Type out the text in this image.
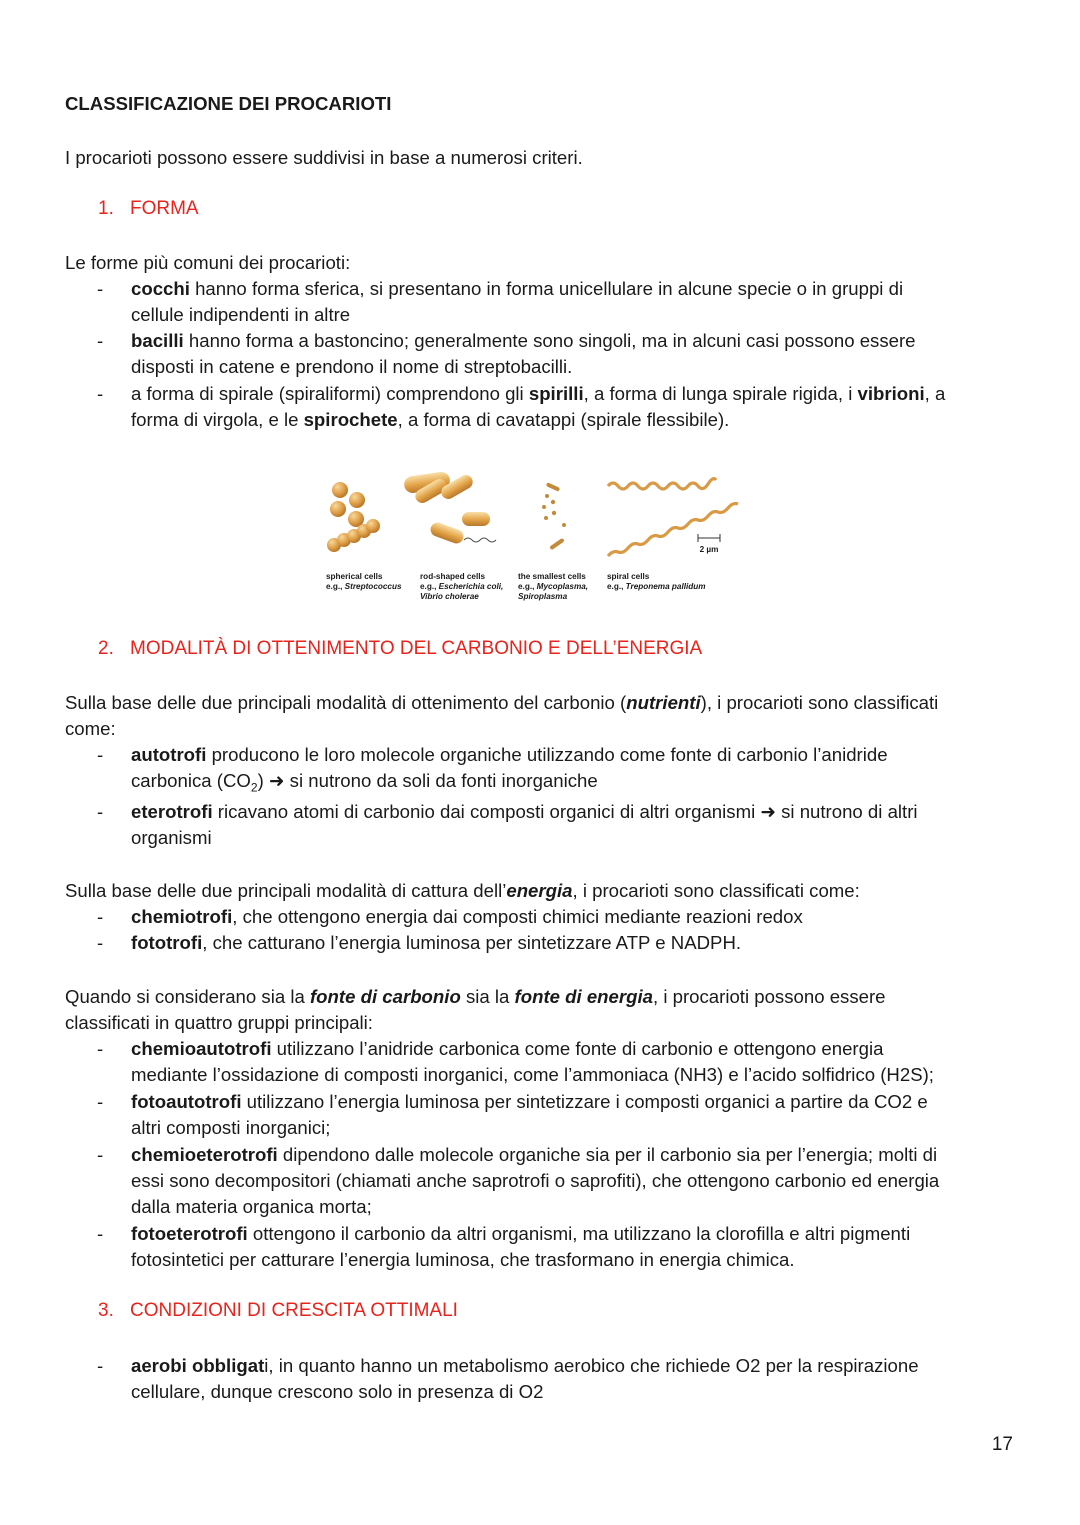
CLASSIFICAZIONE DEI PROCARIOTI
I procarioti possono essere suddivisi in base a numerosi criteri.
1. FORMA
Le forme più comuni dei procarioti:
- cocchi hanno forma sferica, si presentano in forma unicellulare in alcune specie o in gruppi di
cellule indipendenti in altre
- bacilli hanno forma a bastoncino; generalmente sono singoli, ma in alcuni casi possono essere
disposti in catene e prendono il nome di streptobacilli.
- a forma di spirale (spiraliformi) comprendono gli spirilli, a forma di lunga spirale rigida, i vibrioni, a
forma di virgola, e le spirochete, a forma di cavatappi (spirale flessibile).
2 µm
spherical cells
e.g., Streptococcus
rod-shaped cells
e.g., Escherichia coli,
Vibrio cholerae
the smallest cells
e.g., Mycoplasma,
Spiroplasma
spiral cells
e.g., Treponema pallidum
2. MODALITÀ DI OTTENIMENTO DEL CARBONIO E DELL’ENERGIA
Sulla base delle due principali modalità di ottenimento del carbonio (nutrienti), i procarioti sono classificati
come:
- autotrofi producono le loro molecole organiche utilizzando come fonte di carbonio l’anidride
carbonica $(CO_2)$ ➜ si nutrono da soli da fonti inorganiche
- eterotrofi ricavano atomi di carbonio dai composti organici di altri organismi ➜ si nutrono di altri
organismi
Sulla base delle due principali modalità di cattura dell’energia, i procarioti sono classificati come:
- chemiotrofi, che ottengono energia dai composti chimici mediante reazioni redox
- fototrofi, che catturano l’energia luminosa per sintetizzare ATP e NADPH.
Quando si considerano sia la fonte di carbonio sia la fonte di energia, i procarioti possono essere
classificati in quattro gruppi principali:
- chemioautotrofi utilizzano l’anidride carbonica come fonte di carbonio e ottengono energia
mediante l’ossidazione di composti inorganici, come l’ammoniaca (NH3) e l’acido solfidrico (H2S);
- fotoautotrofi utilizzano l’energia luminosa per sintetizzare i composti organici a partire da CO2 e
altri composti inorganici;
- chemioeterotrofi dipendono dalle molecole organiche sia per il carbonio sia per l’energia; molti di
essi sono decompositori (chiamati anche saprotrofi o saprofiti), che ottengono carbonio ed energia
dalla materia organica morta;
- fotoeterotrofi ottengono il carbonio da altri organismi, ma utilizzano la clorofilla e altri pigmenti
fotosintetici per catturare l’energia luminosa, che trasformano in energia chimica.
3. CONDIZIONI DI CRESCITA OTTIMALI
- aerobi obbligati, in quanto hanno un metabolismo aerobico che richiede O2 per la respirazione
cellulare, dunque crescono solo in presenza di O2
17
